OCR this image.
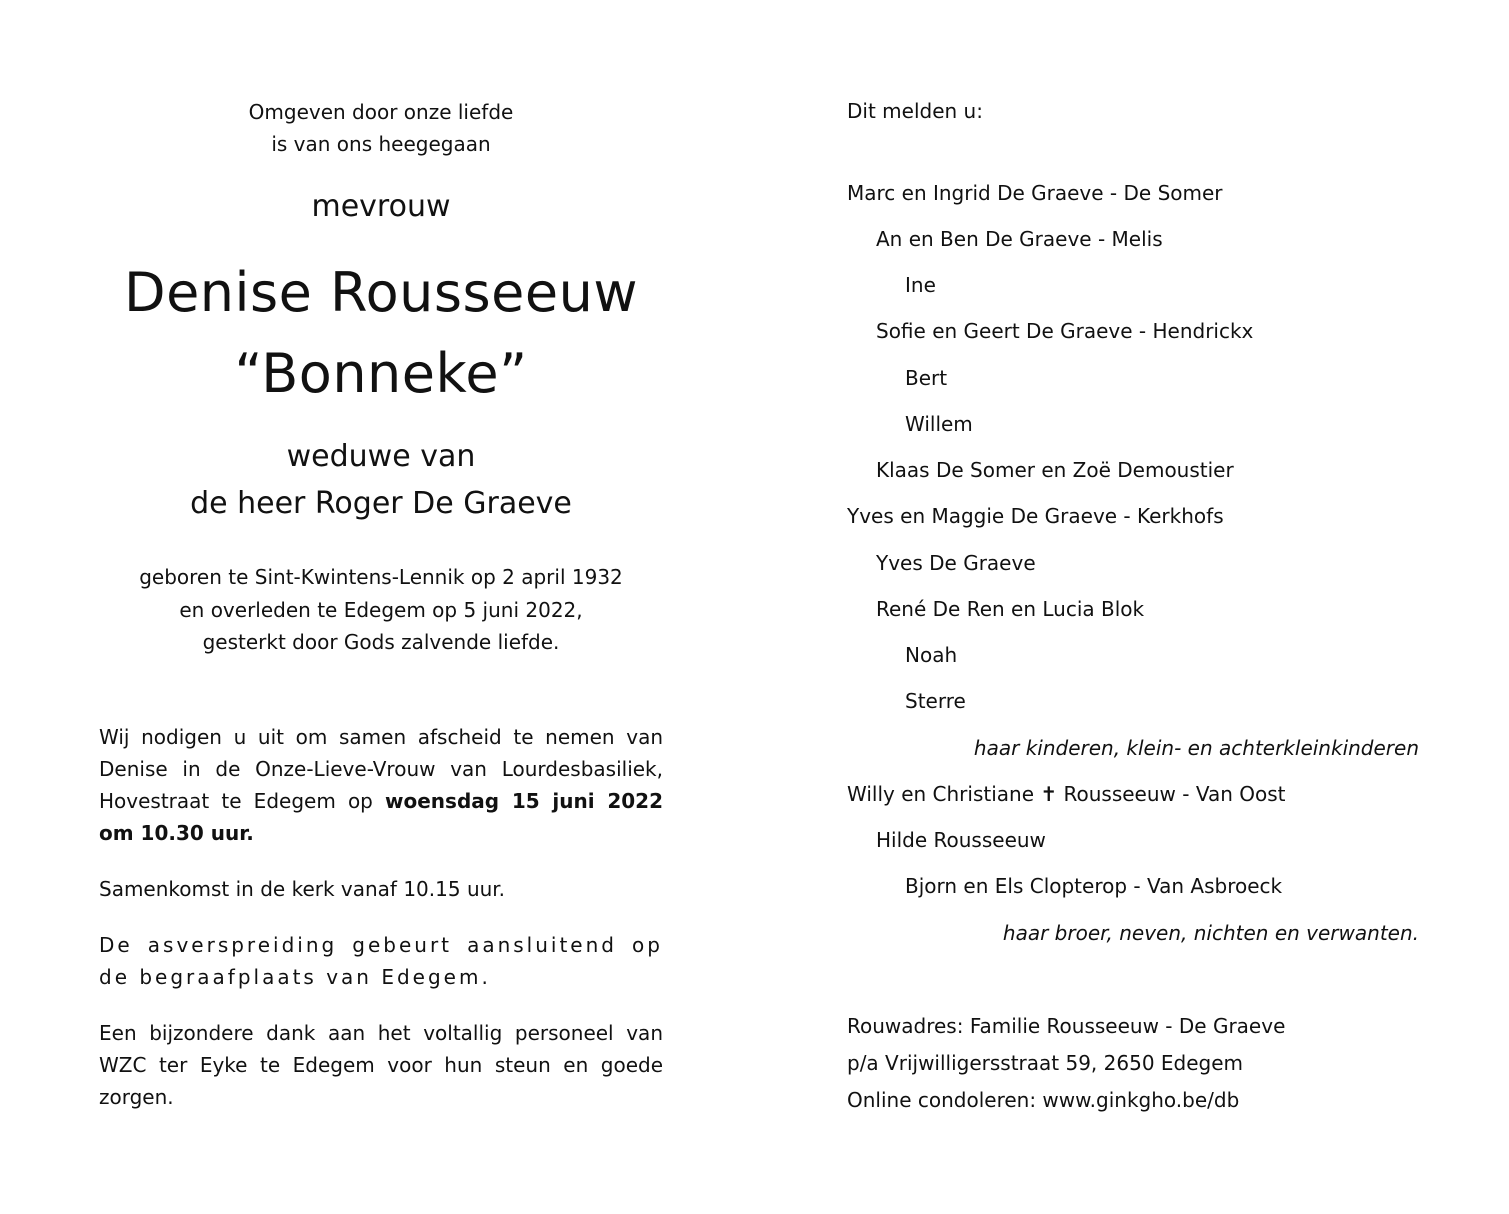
Omgeven door onze liefde
is van ons heegegaan
mevrouw
Denise Rousseeuw
“Bonneke”
weduwe van
de heer Roger De Graeve
geboren te Sint-Kwintens-Lennik op 2 april 1932
en overleden te Edegem op 5 juni 2022,
gesterkt door Gods zalvende liefde.
Wij nodigen u uit om samen afscheid te nemen van Denise in de Onze-Lieve-Vrouw van Lourdesbasiliek, Hovestraat te Edegem op woensdag 15 juni 2022 om 10.30 uur.
Samenkomst in de kerk vanaf 10.15 uur.
De asverspreiding gebeurt aansluitend op de begraafplaats van Edegem.
Een bijzondere dank aan het voltallig personeel van WZC ter Eyke te Edegem voor hun steun en goede zorgen.
Dit melden u:
Marc en Ingrid De Graeve - De Somer
An en Ben De Graeve - Melis
Ine
Sofie en Geert De Graeve - Hendrickx
Bert
Willem
Klaas De Somer en Zoë Demoustier
Yves en Maggie De Graeve - Kerkhofs
Yves De Graeve
René De Ren en Lucia Blok
Noah
Sterre
haar kinderen, klein- en achterkleinkinderen
Willy en Christiane ✝ Rousseeuw - Van Oost
Hilde Rousseeuw
Bjorn en Els Clopterop - Van Asbroeck
haar broer, neven, nichten en verwanten.
Rouwadres: Familie Rousseeuw - De Graeve
p/a Vrijwilligersstraat 59, 2650 Edegem
Online condoleren: www.ginkgho.be/db
